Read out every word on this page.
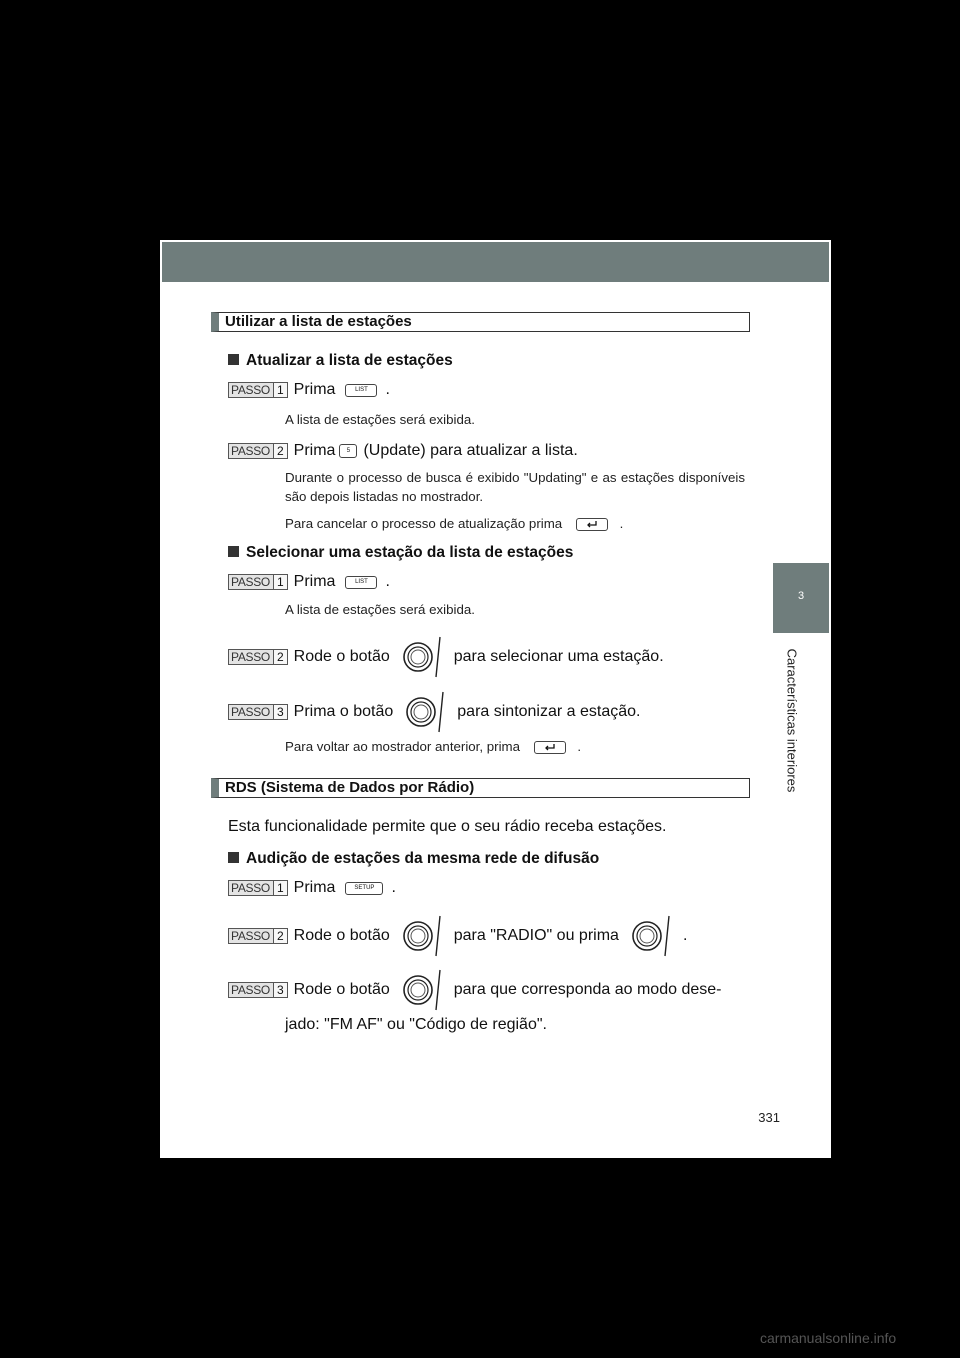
3
Características interiores
331
Utilizar a lista de estações
Atualizar a lista de estações
PASSO 1 Prima	LIST	.
A lista de estações será exibida.
PASSO 2 Prima	5 (Update) para atualizar a lista.
Durante o processo de busca é exibido "Updating" e as estações disponíveis são depois listadas no mostrador.
Para cancelar o processo de atualização prima	.
Selecionar uma estação da lista de estações
PASSO 1 Prima	LIST	.
A lista de estações será exibida.
PASSO 2 Rode o botão	para selecionar uma estação.
PASSO 3 Prima o botão	para sintonizar a estação.
Para voltar ao mostrador anterior, prima	.
RDS (Sistema de Dados por Rádio)
Esta funcionalidade permite que o seu rádio receba estações.
Audição de estações da mesma rede de difusão
PASSO 1 Prima	SETUP	.
PASSO 2 Rode o botão	para "RADIO" ou prima	.
PASSO 3 Rode o botão	para que corresponda ao modo dese-
jado: "FM AF" ou "Código de região".
carmanualsonline.info
